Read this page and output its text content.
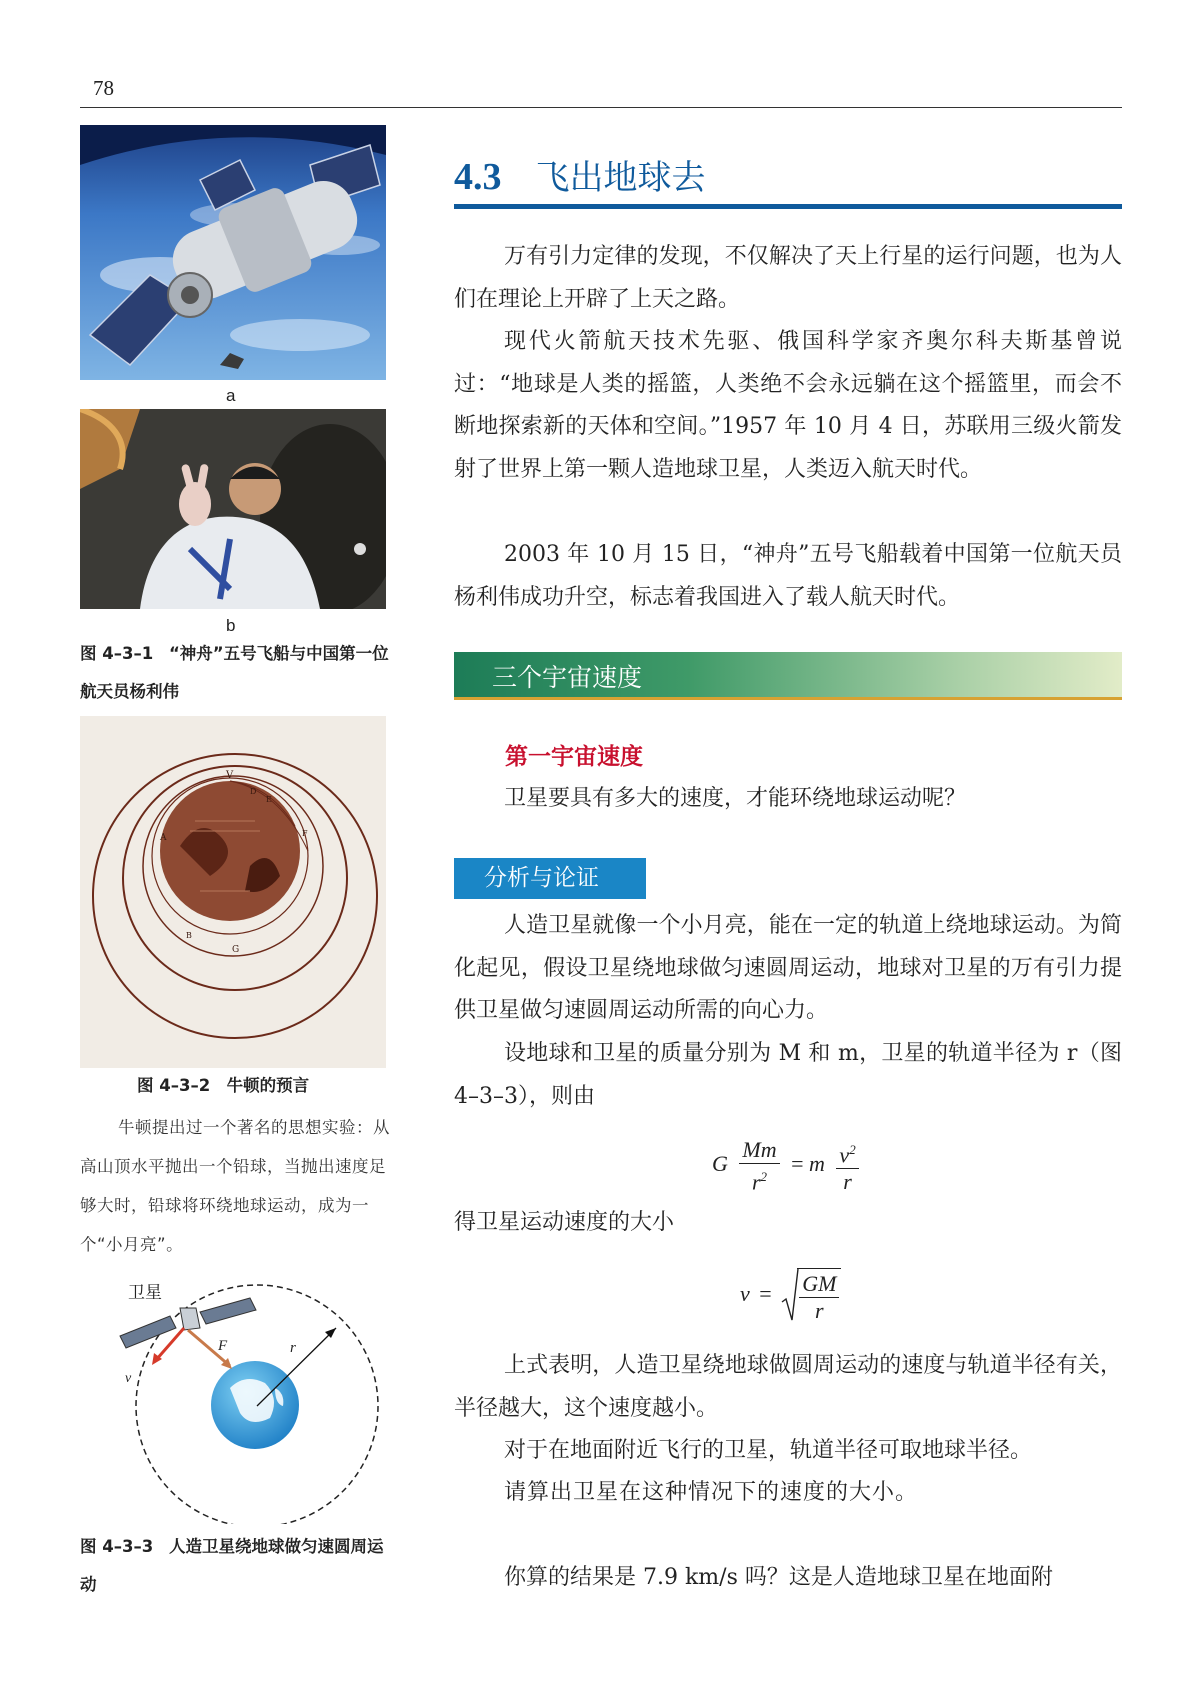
78
a
b
图 4–3–1 “神舟”五号飞船与中国第一位航天员杨利伟
V
D
E
F
A
B
G
图 4–3–2　牛顿的预言
牛顿提出过一个著名的思想实验：从高山顶水平抛出一个铅球，当抛出速度足够大时，铅球将环绕地球运动，成为一个“小月亮”。
卫星
v
F	r
图 4–3–3 人造卫星绕地球做匀速圆周运动
4.3 飞出地球去
万有引力定律的发现，不仅解决了天上行星的运行问题，也为人们在理论上开辟了上天之路。
现代火箭航天技术先驱、俄国科学家齐奥尔科夫斯基曾说过：“地球是人类的摇篮，人类绝不会永远躺在这个摇篮里，而会不断地探索新的天体和空间。”1957 年 10 月 4 日，苏联用三级火箭发射了世界上第一颗人造地球卫星，人类迈入航天时代。
2003 年 10 月 15 日，“神舟”五号飞船载着中国第一位航天员杨利伟成功升空，标志着我国进入了载人航天时代。
三个宇宙速度
第一宇宙速度
卫星要具有多大的速度，才能环绕地球运动呢？
分析与论证
人造卫星就像一个小月亮，能在一定的轨道上绕地球运动。为简化起见，假设卫星绕地球做匀速圆周运动，地球对卫星的万有引力提供卫星做匀速圆周运动所需的向心力。
设地球和卫星的质量分别为 M 和 m，卫星的轨道半径为 r（图 4–3–3），则由
G $\frac{Mm}{r^2} = m \frac{v^2}{r}$
得卫星运动速度的大小
$v = \frac{GM}{r}$
上式表明，人造卫星绕地球做圆周运动的速度与轨道半径有关，半径越大，这个速度越小。
对于在地面附近飞行的卫星，轨道半径可取地球半径。
请算出卫星在这种情况下的速度的大小。
你算的结果是 7.9 km/s 吗？这是人造地球卫星在地面附
